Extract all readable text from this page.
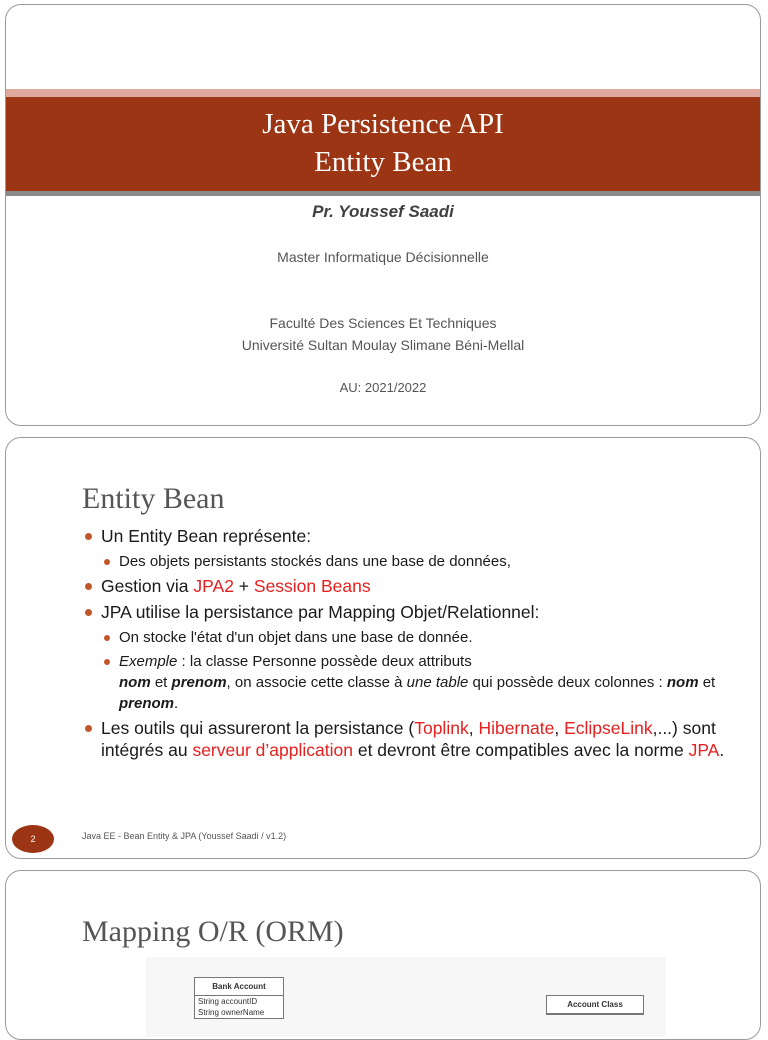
Java Persistence API
Entity Bean
Pr. Youssef Saadi
Master Informatique Décisionnelle
Faculté Des Sciences Et Techniques
Université Sultan Moulay Slimane Béni-Mellal
AU: 2021/2022
Entity Bean
Un Entity Bean représente:
Des objets persistants stockés dans une base de données,
Gestion via JPA2 + Session Beans
JPA utilise la persistance par Mapping Objet/Relationnel:
On stocke l'état d'un objet dans une base de donnée.
Exemple : la classe Personne possède deux attributs
nom et prenom, on associe cette classe à une table qui possède deux colonnes : nom et prenom.
Les outils qui assureront la persistance (Toplink, Hibernate, EclipseLink,...) sont intégrés au serveur d’application et devront être compatibles avec la norme JPA.
2	Java EE - Bean Entity & JPA (Youssef Saadi / v1.2)
Mapping O/R (ORM)
Bank Account
String accountID
String ownerName
Account Class
